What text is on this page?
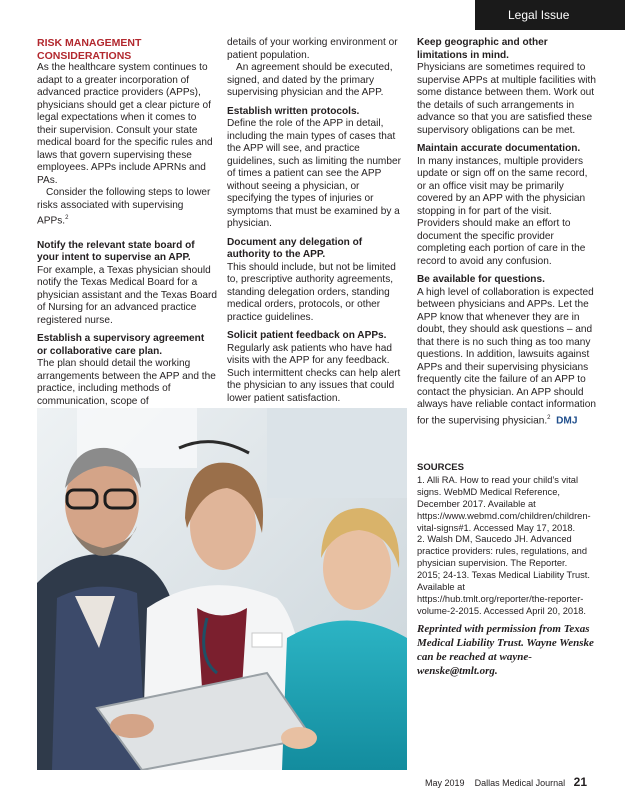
Legal Issue
RISK MANAGEMENT
CONSIDERATIONS

As the healthcare system continues to adapt to a greater incorporation of advanced practice providers (APPs), physicians should get a clear picture of legal expectations when it comes to their supervision. Consult your state medical board for the specific rules and laws that govern supervising these employees. APPs include APRNs and PAs.

Consider the following steps to lower risks associated with supervising APPs.$^2$

Notify the relevant state board of your intent to supervise an APP.

For example, a Texas physician should notify the Texas Medical Board for a physician assistant and the Texas Board of Nursing for an advanced practice registered nurse.

Establish a supervisory agreement or collaborative care plan.

The plan should detail the working arrangements between the APP and the practice, including methods of communication, scope of

details of your working environment or patient population.

An agreement should be executed, signed, and dated by the primary supervising physician and the APP.

Establish written protocols.

Define the role of the APP in detail, including the main types of cases that the APP will see, and practice guidelines, such as limiting the number of times a patient can see the APP without seeing a physician, or specifying the types of injuries or symptoms that must be examined by a physician.

Document any delegation of authority to the APP.

This should include, but not be limited to, prescriptive authority agreements, standing delegation orders, standing medical orders, protocols, or other practice guidelines.

Solicit patient feedback on APPs.

Regularly ask patients who have had visits with the APP for any feedback. Such intermittent checks can help alert the physician to any issues that could lower patient satisfaction.

Keep geographic and other limitations in mind.

Physicians are sometimes required to supervise APPs at multiple facilities with some distance between them. Work out the details of such arrangements in advance so that you are satisfied these supervisory obligations can be met.

Maintain accurate documentation.

In many instances, multiple providers update or sign off on the same record, or an office visit may be primarily covered by an APP with the physician stopping in for part of the visit. Providers should make an effort to document the specific provider completing each portion of care in the record to avoid any confusion.

Be available for questions.

A high level of collaboration is expected between physicians and APPs. Let the APP know that whenever they are in doubt, they should ask questions – and that there is no such thing as too many questions. In addition, lawsuits against APPs and their supervising physicians frequently cite the failure of an APP to contact the physician. An APP should always have reliable contact information for the supervising physician.$^2$ DMJ

SOURCES

1. Alli RA. How to read your child’s vital signs. WebMD Medical Reference, December 2017. Available at https://www.webmd.com/children/children-vital-signs#1. Accessed May 17, 2018.

2. Walsh DM, Saucedo JH. Advanced practice providers: rules, regulations, and physician supervision. The Reporter. 2015; 24-13. Texas Medical Liability Trust. Available at https://hub.tmlt.org/reporter/the-reporter-volume-2-2015. Accessed April 20, 2018.

Reprinted with permission from Texas Medical Liability Trust. Wayne Wenske can be reached at wayne-wenske@tmlt.org.
May 2019 Dallas Medical Journal 21
